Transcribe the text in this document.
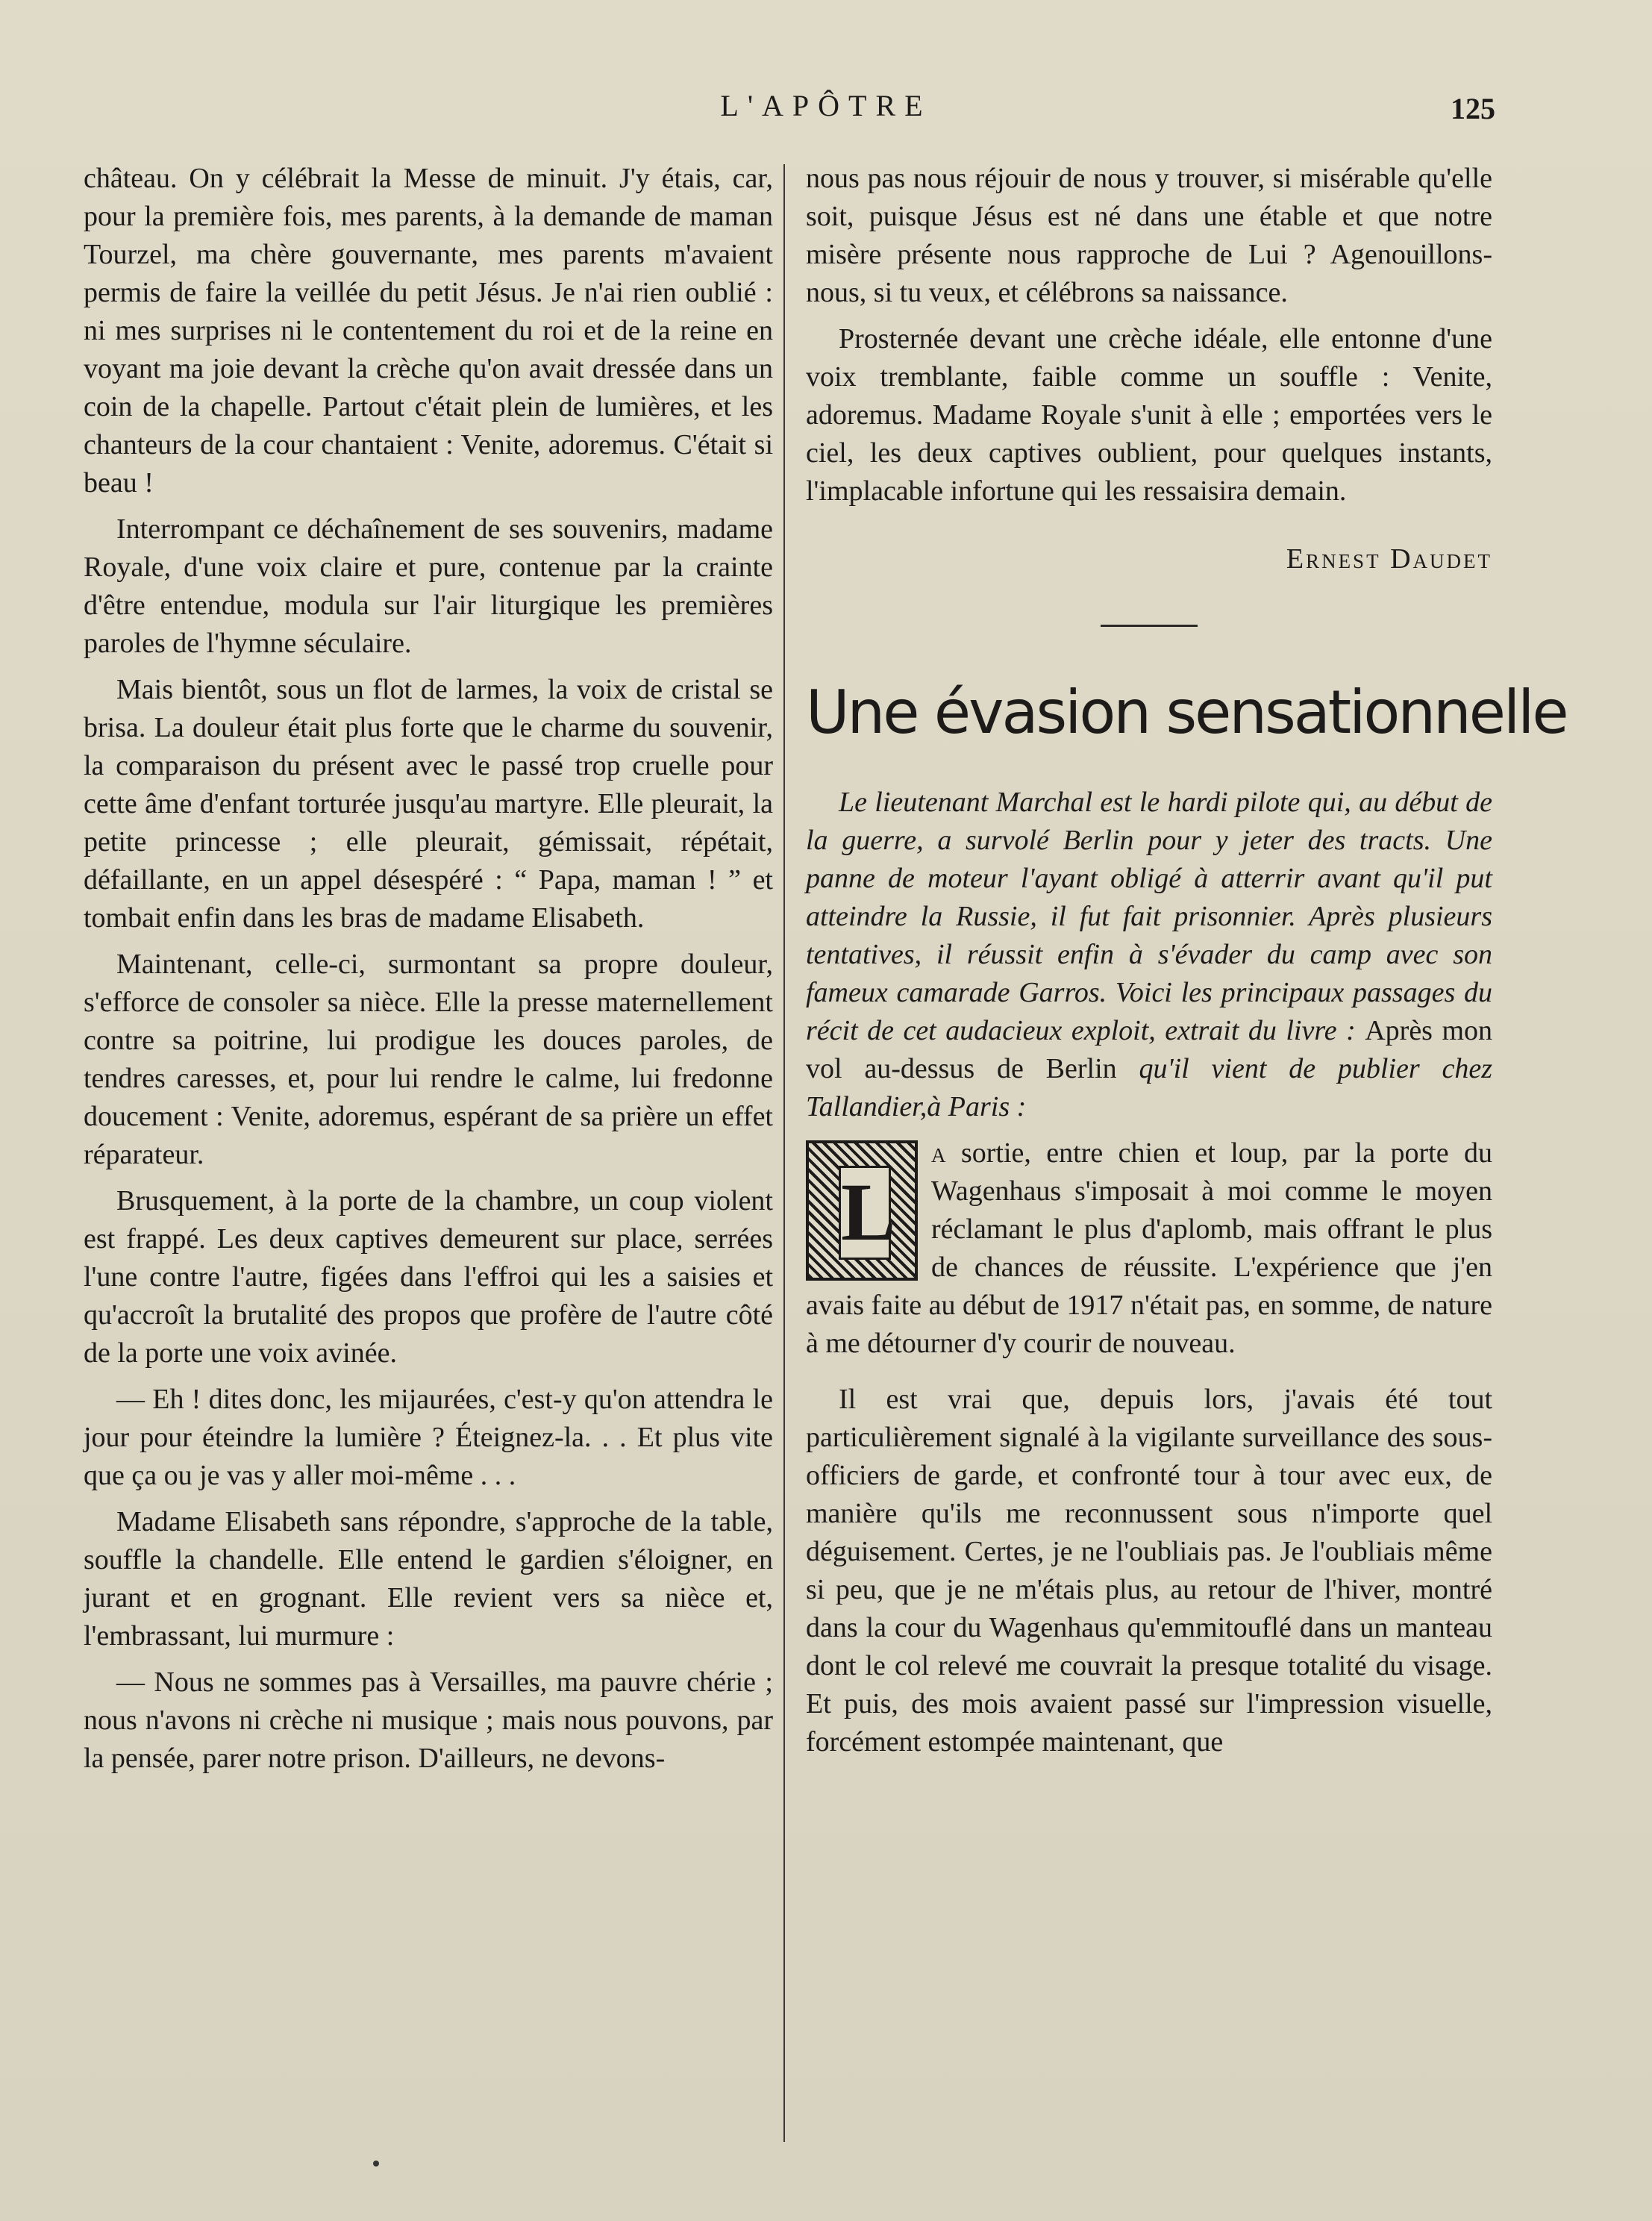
L'APÔTRE	125

château. On y célébrait la Messe de minuit. J'y étais, car, pour la première fois, mes parents, à la demande de maman Tourzel, ma chère gouvernante, mes parents m'avaient permis de faire la veillée du petit Jésus. Je n'ai rien oublié : ni mes surprises ni le contentement du roi et de la reine en voyant ma joie devant la crèche qu'on avait dressée dans un coin de la chapelle. Partout c'était plein de lumières, et les chanteurs de la cour chantaient : Venite, adoremus. C'était si beau !

Interrompant ce déchaînement de ses souvenirs, madame Royale, d'une voix claire et pure, contenue par la crainte d'être entendue, modula sur l'air liturgique les premières paroles de l'hymne séculaire.

Mais bientôt, sous un flot de larmes, la voix de cristal se brisa. La douleur était plus forte que le charme du souvenir, la comparaison du présent avec le passé trop cruelle pour cette âme d'enfant torturée jusqu'au martyre. Elle pleurait, la petite princesse ; elle pleurait, gémissait, répétait, défaillante, en un appel désespéré : “ Papa, maman ! ” et tombait enfin dans les bras de madame Elisabeth.

Maintenant, celle-ci, surmontant sa propre douleur, s'efforce de consoler sa nièce. Elle la presse maternellement contre sa poitrine, lui prodigue les douces paroles, de tendres caresses, et, pour lui rendre le calme, lui fredonne doucement : Venite, adoremus, espérant de sa prière un effet réparateur.

Brusquement, à la porte de la chambre, un coup violent est frappé. Les deux captives demeurent sur place, serrées l'une contre l'autre, figées dans l'effroi qui les a saisies et qu'accroît la brutalité des propos que profère de l'autre côté de la porte une voix avinée.

— Eh ! dites donc, les mijaurées, c'est-y qu'on attendra le jour pour éteindre la lumière ? Éteignez-la. . . Et plus vite que ça ou je vas y aller moi-même . . .

Madame Elisabeth sans répondre, s'approche de la table, souffle la chandelle. Elle entend le gardien s'éloigner, en jurant et en grognant. Elle revient vers sa nièce et, l'embrassant, lui murmure :

— Nous ne sommes pas à Versailles, ma pauvre chérie ; nous n'avons ni crèche ni musique ; mais nous pouvons, par la pensée, parer notre prison. D'ailleurs, ne devons-

nous pas nous réjouir de nous y trouver, si misérable qu'elle soit, puisque Jésus est né dans une étable et que notre misère présente nous rapproche de Lui ? Agenouillons-nous, si tu veux, et célébrons sa naissance.

Prosternée devant une crèche idéale, elle entonne d'une voix tremblante, faible comme un souffle : Venite, adoremus. Madame Royale s'unit à elle ; emportées vers le ciel, les deux captives oublient, pour quelques instants, l'implacable infortune qui les ressaisira demain.

Ernest Daudet
Une évasion sensationnelle

Le lieutenant Marchal est le hardi pilote qui, au début de la guerre, a survolé Berlin pour y jeter des tracts. Une panne de moteur l'ayant obligé à atterrir avant qu'il put atteindre la Russie, il fut fait prisonnier. Après plusieurs tentatives, il réussit enfin à s'évader du camp avec son fameux camarade Garros. Voici les principaux passages du récit de cet audacieux exploit, extrait du livre : Après mon vol au-dessus de Berlin qu'il vient de publier chez Tallandier,à Paris :

L
a sortie, entre chien et loup, par la porte du Wagenhaus s'imposait à moi comme le moyen réclamant le plus d'aplomb, mais offrant le plus de chances de réussite. L'expérience que j'en avais faite au début de 1917 n'était pas, en somme, de nature à me détourner d'y courir de nouveau.

Il est vrai que, depuis lors, j'avais été tout particulièrement signalé à la vigilante surveillance des sous-officiers de garde, et confronté tour à tour avec eux, de manière qu'ils me reconnussent sous n'importe quel déguisement. Certes, je ne l'oubliais pas. Je l'oubliais même si peu, que je ne m'étais plus, au retour de l'hiver, montré dans la cour du Wagenhaus qu'emmitouflé dans un manteau dont le col relevé me couvrait la presque totalité du visage. Et puis, des mois avaient passé sur l'impression visuelle, forcément estompée maintenant, que
